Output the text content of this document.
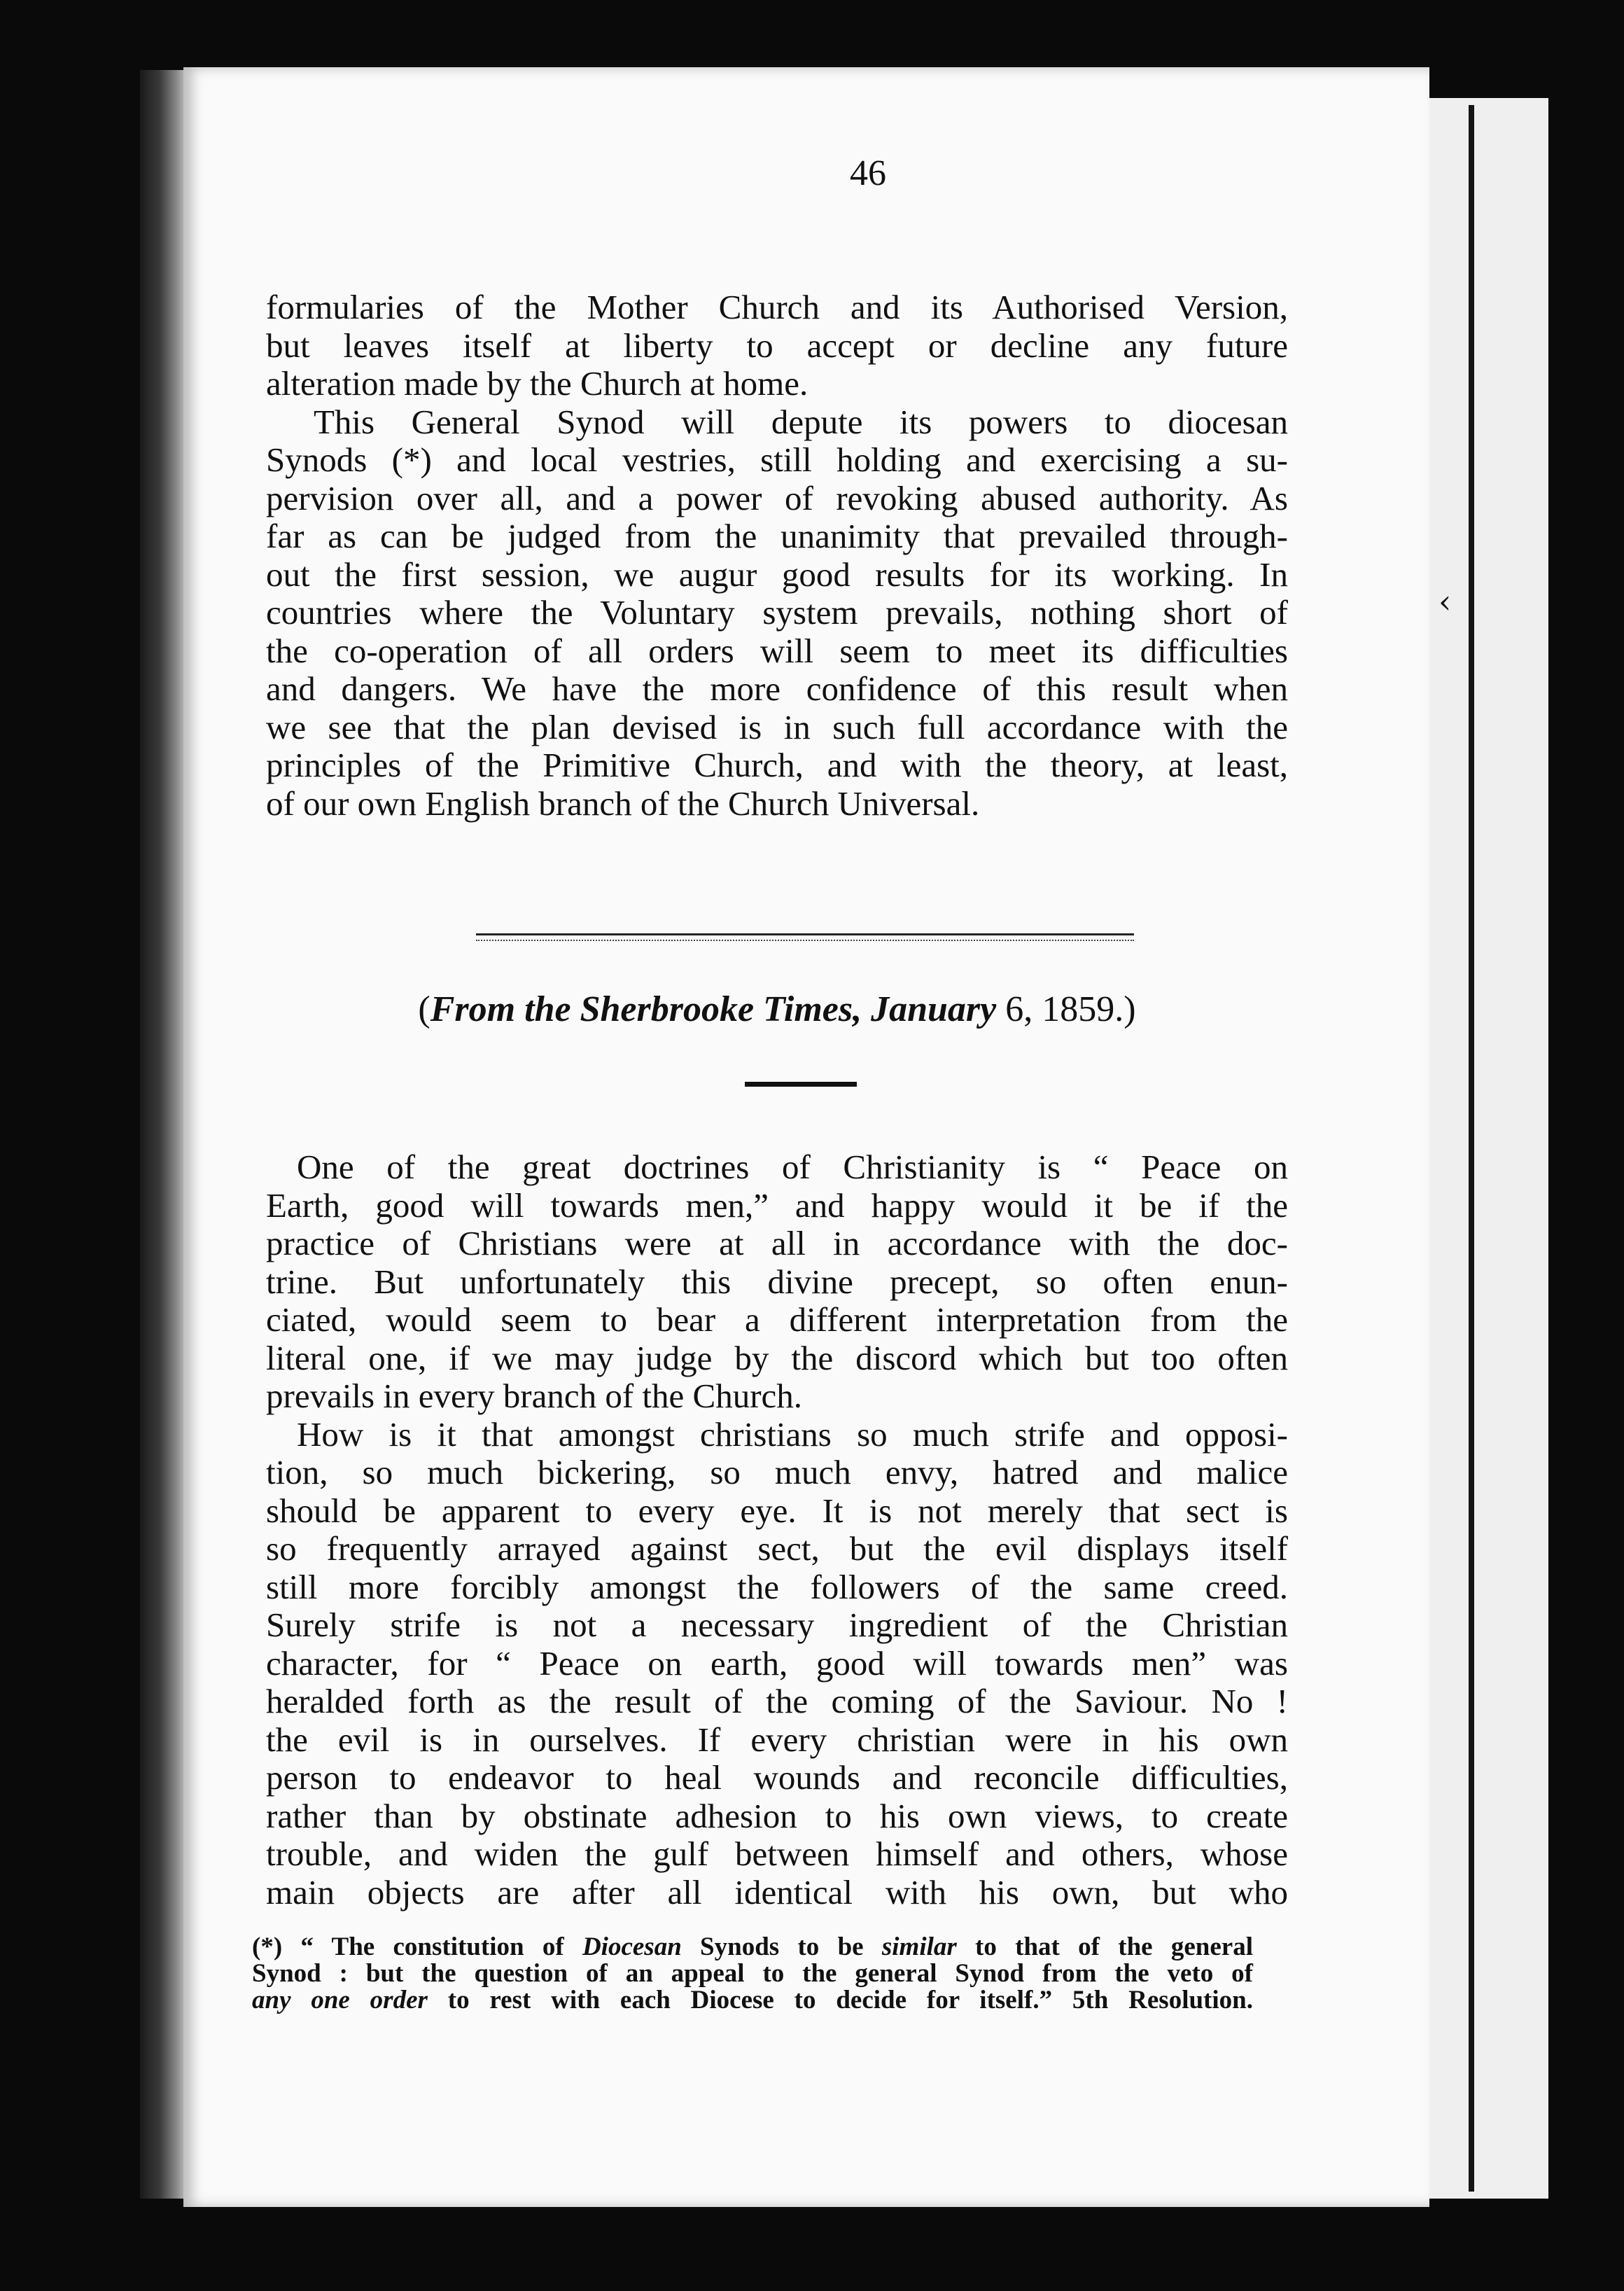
‹
46

formularies of the Mother Church and its Authorised Version,
but leaves itself at liberty to accept or decline any future
alteration made by the Church at home.

This General Synod will depute its powers to diocesan
Synods (*) and local vestries, still holding and exercising a su-
pervision over all, and a power of revoking abused authority. As
far as can be judged from the unanimity that prevailed through-
out the first session, we augur good results for its working. In
countries where the Voluntary system prevails, nothing short of
the co-operation of all orders will seem to meet its difficulties
and dangers. We have the more confidence of this result when
we see that the plan devised is in such full accordance with the
principles of the Primitive Church, and with the theory, at least,
of our own English branch of the Church Universal.

(From the Sherbrooke Times, January 6, 1859.)

One of the great doctrines of Christianity is “ Peace on
Earth, good will towards men,” and happy would it be if the
practice of Christians were at all in accordance with the doc-
trine. But unfortunately this divine precept, so often enun-
ciated, would seem to bear a different interpretation from the
literal one, if we may judge by the discord which but too often
prevails in every branch of the Church.

How is it that amongst christians so much strife and opposi-
tion, so much bickering, so much envy, hatred and malice
should be apparent to every eye. It is not merely that sect is
so frequently arrayed against sect, but the evil displays itself
still more forcibly amongst the followers of the same creed.
Surely strife is not a necessary ingredient of the Christian
character, for “ Peace on earth, good will towards men” was
heralded forth as the result of the coming of the Saviour. No !
the evil is in ourselves. If every christian were in his own
person to endeavor to heal wounds and reconcile difficulties,
rather than by obstinate adhesion to his own views, to create
trouble, and widen the gulf between himself and others, whose
main objects are after all identical with his own, but who

(*) “ The constitution of Diocesan Synods to be similar to that of the general
Synod : but the question of an appeal to the general Synod from the veto of
any one order to rest with each Diocese to decide for itself.” 5th Resolution.
